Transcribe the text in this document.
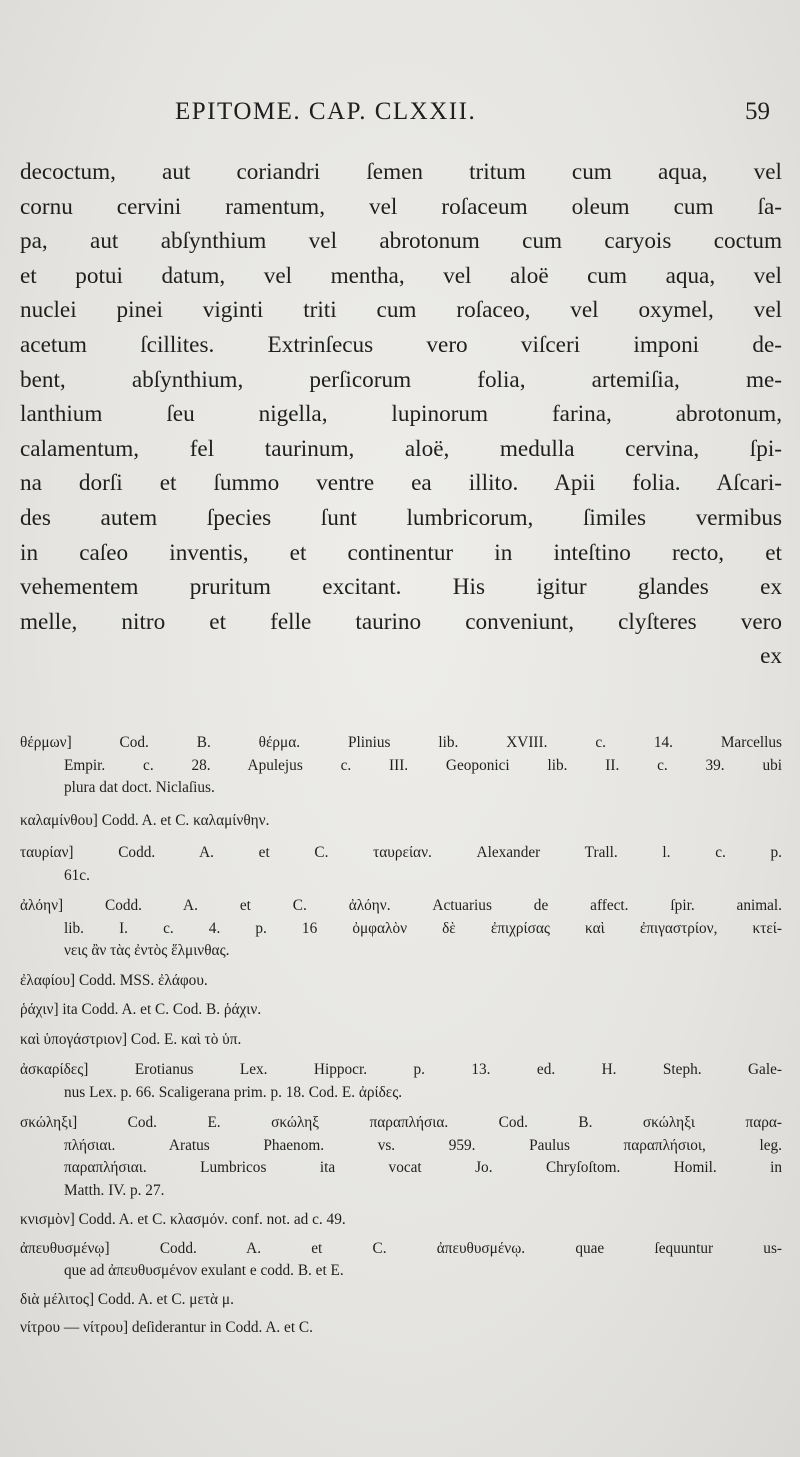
EPITOME. CAP. CLXXII.	59
decoctum, aut coriandri ſemen tritum cum aqua, vel
cornu cervini ramentum, vel roſaceum oleum cum ſa-
pa, aut abſynthium vel abrotonum cum caryois coctum
et potui datum, vel mentha, vel aloë cum aqua, vel
nuclei pinei viginti triti cum roſaceo, vel oxymel, vel
acetum ſcillites. Extrinſecus vero viſceri imponi de-
bent, abſynthium, perſicorum folia, artemiſia, me-
lanthium ſeu nigella, lupinorum farina, abrotonum,
calamentum, fel taurinum, aloë, medulla cervina, ſpi-
na dorſi et ſummo ventre ea illito. Apii folia. Aſcari-
des autem ſpecies ſunt lumbricorum, ſimiles vermibus
in caſeo inventis, et continentur in inteſtino recto, et
vehementem pruritum excitant. His igitur glandes ex
melle, nitro et felle taurino conveniunt, clyſteres vero
ex
θέρμων] Cod. B. θέρμα. Plinius lib. XVIII. c. 14. Marcellus
Empir. c. 28. Apulejus c. III. Geoponici lib. II. c. 39. ubi
plura dat doct. Niclaſius.
καλαμίνθου] Codd. A. et C. καλαμίνθην.
ταυρίαν] Codd. A. et C. ταυρείαν. Alexander Trall. l. c. p.
61c.
ἀλόην] Codd. A. et C. ἀλόην. Actuarius de affect. ſpir. animal.
lib. I. c. 4. p. 16 ὀμφαλὸν δὲ ἐπιχρίσας καὶ ἐπιγαστρίον, κτεί-
νεις ἂν τὰς ἐντὸς ἕλμινθας.
ἐλαφίου] Codd. MSS. ἐλάφου.
ῥάχιν] ita Codd. A. et C. Cod. B. ῥάχιν.
καὶ ὑπογάστριον] Cod. E. καὶ τὸ ὑπ.
ἀσκαρίδες] Erotianus Lex. Hippocr. p. 13. ed. H. Steph. Gale-
nus Lex. p. 66. Scaligerana prim. p. 18. Cod. E. ἀρίδες.
σκώληξι] Cod. E. σκώληξ παραπλήσια. Cod. B. σκώληξι παρα-
πλήσιαι. Aratus Phaenom. vs. 959. Paulus παραπλήσιοι, leg.
παραπλήσιαι. Lumbricos ita vocat Jo. Chryſoſtom. Homil. in
Matth. IV. p. 27.
κνισμὸν] Codd. A. et C. κλασμόν. conf. not. ad c. 49.
ἀπευθυσμένῳ] Codd. A. et C. ἀπευθυσμένῳ. quae ſequuntur us-
que ad ἀπευθυσμένον exulant e codd. B. et E.
διὰ μέλιτος] Codd. A. et C. μετὰ μ.
νίτρου — νίτρου] deſiderantur in Codd. A. et C.
